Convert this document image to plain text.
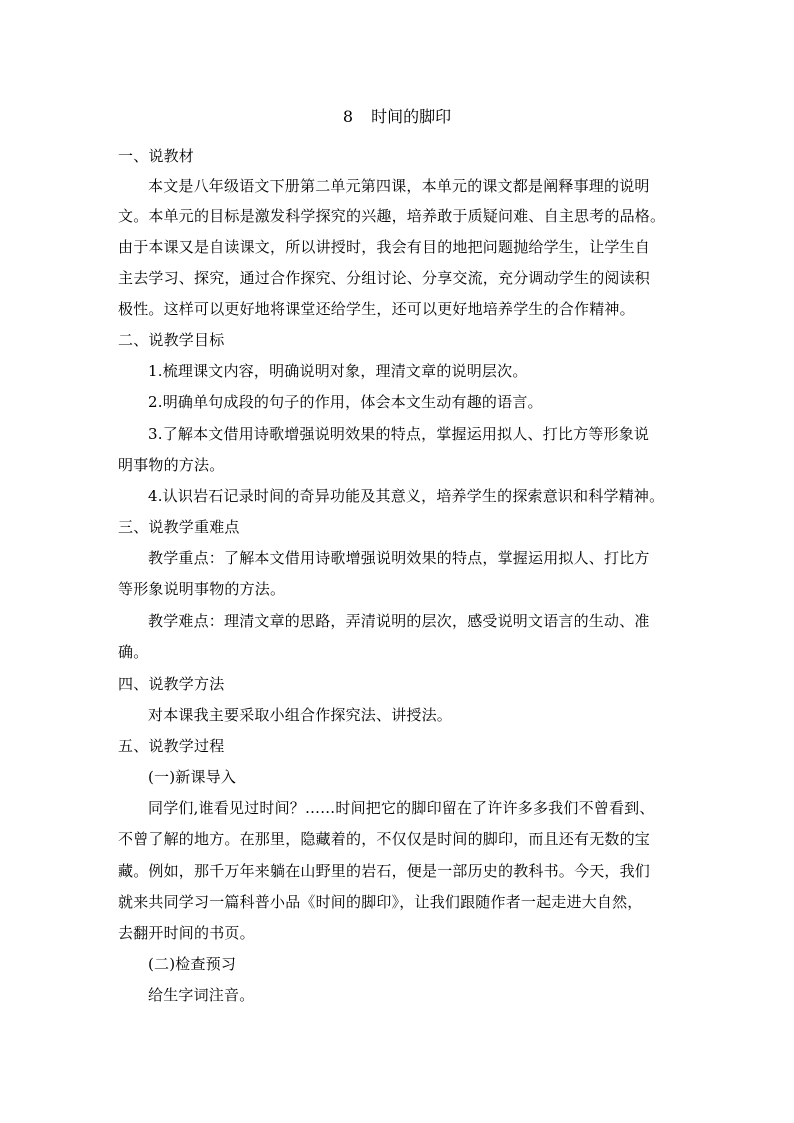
8 时间的脚印
一、说教材
本文是八年级语文下册第二单元第四课，本单元的课文都是阐释事理的说明
文。本单元的目标是激发科学探究的兴趣，培养敢于质疑问难、自主思考的品格。
由于本课又是自读课文，所以讲授时，我会有目的地把问题抛给学生，让学生自
主去学习、探究，通过合作探究、分组讨论、分享交流，充分调动学生的阅读积
极性。这样可以更好地将课堂还给学生，还可以更好地培养学生的合作精神。
二、说教学目标
1.梳理课文内容，明确说明对象，理清文章的说明层次。
2.明确单句成段的句子的作用，体会本文生动有趣的语言。
3.了解本文借用诗歌增强说明效果的特点，掌握运用拟人、打比方等形象说
明事物的方法。
4.认识岩石记录时间的奇异功能及其意义，培养学生的探索意识和科学精神。
三、说教学重难点
教学重点：了解本文借用诗歌增强说明效果的特点，掌握运用拟人、打比方
等形象说明事物的方法。
教学难点：理清文章的思路，弄清说明的层次，感受说明文语言的生动、准
确。
四、说教学方法
对本课我主要采取小组合作探究法、讲授法。
五、说教学过程
(一)新课导入
同学们,谁看见过时间？……时间把它的脚印留在了许许多多我们不曾看到、
不曾了解的地方。在那里，隐藏着的，不仅仅是时间的脚印，而且还有无数的宝
藏。例如，那千万年来躺在山野里的岩石，便是一部历史的教科书。今天，我们
就来共同学习一篇科普小品《时间的脚印》，让我们跟随作者一起走进大自然，
去翻开时间的书页。
(二)检查预习
给生字词注音。
